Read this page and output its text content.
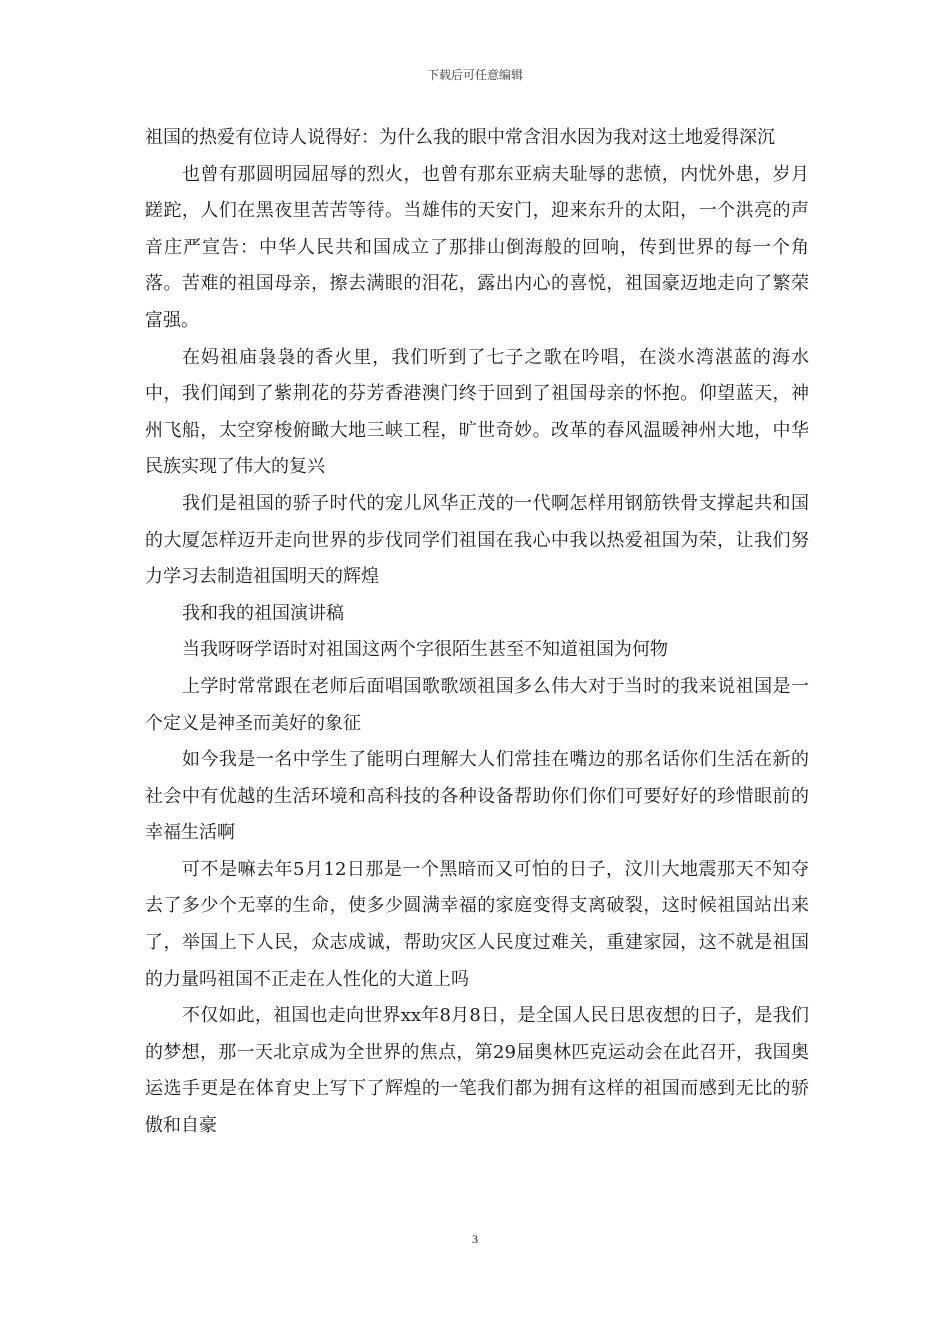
下载后可任意编辑

祖国的热爱有位诗人说得好：为什么我的眼中常含泪水因为我对这土地爱得深沉

也曾有那圆明园屈辱的烈火，也曾有那东亚病夫耻辱的悲愤，内忧外患，岁月蹉跎，人们在黑夜里苦苦等待。当雄伟的天安门，迎来东升的太阳，一个洪亮的声音庄严宣告：中华人民共和国成立了那排山倒海般的回响，传到世界的每一个角落。苦难的祖国母亲，擦去满眼的泪花，露出内心的喜悦，祖国豪迈地走向了繁荣富强。

在妈祖庙袅袅的香火里，我们听到了七子之歌在吟唱，在淡水湾湛蓝的海水中，我们闻到了紫荆花的芬芳香港澳门终于回到了祖国母亲的怀抱。仰望蓝天，神州飞船，太空穿梭俯瞰大地三峡工程，旷世奇妙。改革的春风温暖神州大地，中华民族实现了伟大的复兴

我们是祖国的骄子时代的宠儿风华正茂的一代啊怎样用钢筋铁骨支撑起共和国的大厦怎样迈开走向世界的步伐同学们祖国在我心中我以热爱祖国为荣，让我们努力学习去制造祖国明天的辉煌

我和我的祖国演讲稿

当我呀呀学语时对祖国这两个字很陌生甚至不知道祖国为何物

上学时常常跟在老师后面唱国歌歌颂祖国多么伟大对于当时的我来说祖国是一个定义是神圣而美好的象征

如今我是一名中学生了能明白理解大人们常挂在嘴边的那名话你们生活在新的社会中有优越的生活环境和高科技的各种设备帮助你们你们可要好好的珍惜眼前的幸福生活啊

可不是嘛去年5月12日那是一个黑暗而又可怕的日子，汶川大地震那天不知夺去了多少个无辜的生命，使多少圆满幸福的家庭变得支离破裂，这时候祖国站出来了，举国上下人民，众志成诚，帮助灾区人民度过难关，重建家园，这不就是祖国的力量吗祖国不正走在人性化的大道上吗

不仅如此，祖国也走向世界xx年8月8日，是全国人民日思夜想的日子，是我们的梦想，那一天北京成为全世界的焦点，第29届奥林匹克运动会在此召开，我国奥运选手更是在体育史上写下了辉煌的一笔我们都为拥有这样的祖国而感到无比的骄傲和自豪

3
